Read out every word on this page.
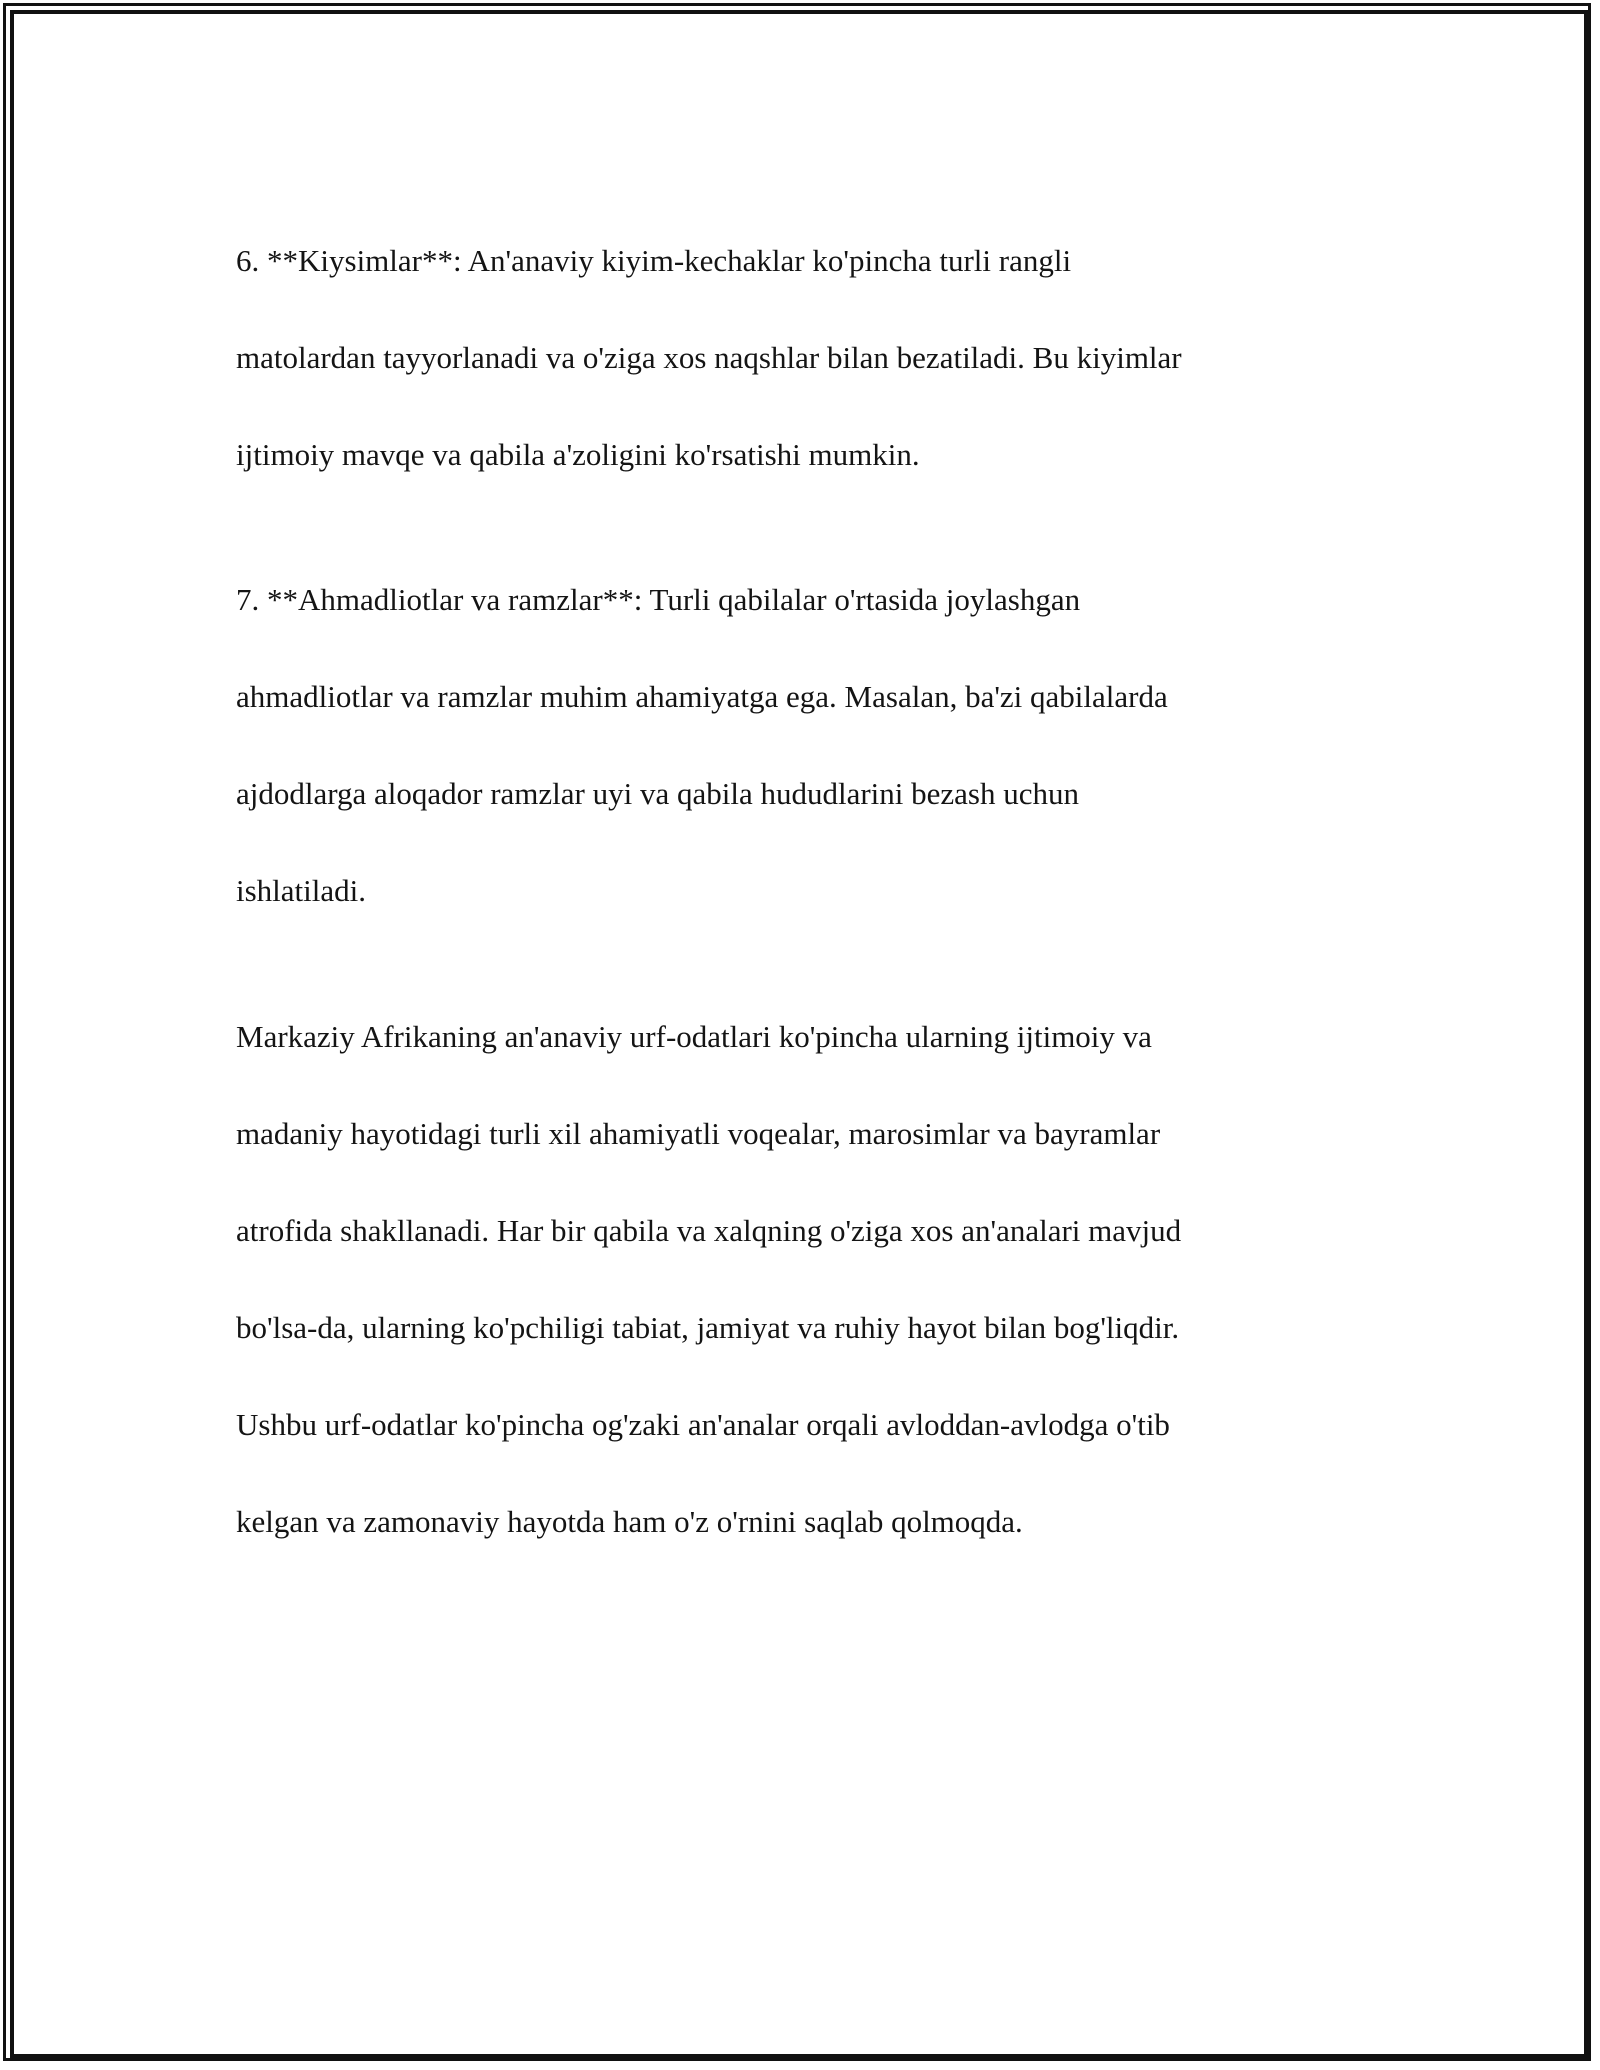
6. **Kiysimlar**: An'anaviy kiyim-kechaklar ko'pincha turli rangli

matolardan tayyorlanadi va o'ziga xos naqshlar bilan bezatiladi. Bu kiyimlar

ijtimoiy mavqe va qabila a'zoligini ko'rsatishi mumkin.

7. **Ahmadliotlar va ramzlar**: Turli qabilalar o'rtasida joylashgan

ahmadliotlar va ramzlar muhim ahamiyatga ega. Masalan, ba'zi qabilalarda

ajdodlarga aloqador ramzlar uyi va qabila hududlarini bezash uchun

ishlatiladi.

Markaziy Afrikaning an'anaviy urf-odatlari ko'pincha ularning ijtimoiy va

madaniy hayotidagi turli xil ahamiyatli voqealar, marosimlar va bayramlar

atrofida shakllanadi. Har bir qabila va xalqning o'ziga xos an'analari mavjud

bo'lsa-da, ularning ko'pchiligi tabiat, jamiyat va ruhiy hayot bilan bog'liqdir.

Ushbu urf-odatlar ko'pincha og'zaki an'analar orqali avloddan-avlodga o'tib

kelgan va zamonaviy hayotda ham o'z o'rnini saqlab qolmoqda.
